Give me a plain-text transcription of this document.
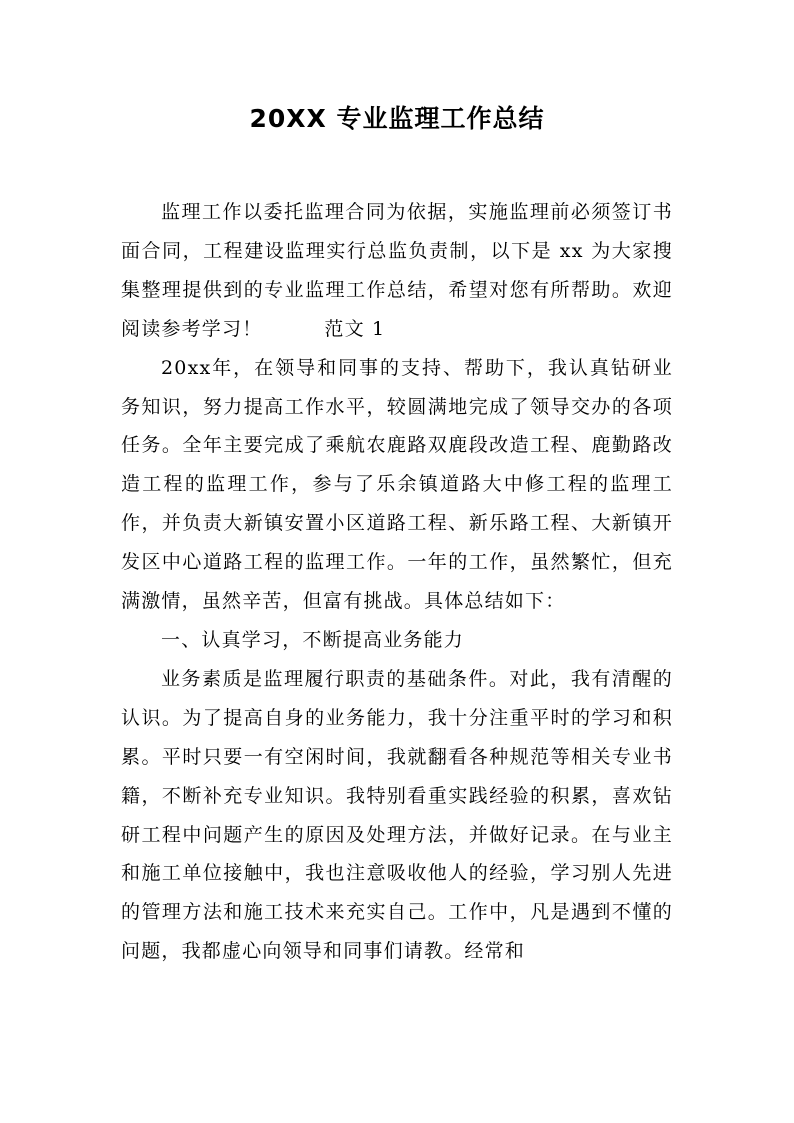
20XX 专业监理工作总结

监理工作以委托监理合同为依据，实施监理前必须签订书面合同，工程建设监理实行总监负责制，以下是 xx 为大家搜集整理提供到的专业监理工作总结，希望对您有所帮助。欢迎阅读参考学习！	范文 1

20xx年，在领导和同事的支持、帮助下，我认真钻研业务知识，努力提高工作水平，较圆满地完成了领导交办的各项任务。全年主要完成了乘航农鹿路双鹿段改造工程、鹿勤路改造工程的监理工作，参与了乐余镇道路大中修工程的监理工作，并负责大新镇安置小区道路工程、新乐路工程、大新镇开发区中心道路工程的监理工作。一年的工作，虽然繁忙，但充满激情，虽然辛苦，但富有挑战。具体总结如下：

一、认真学习，不断提高业务能力

业务素质是监理履行职责的基础条件。对此，我有清醒的认识。为了提高自身的业务能力，我十分注重平时的学习和积累。平时只要一有空闲时间，我就翻看各种规范等相关专业书籍，不断补充专业知识。我特别看重实践经验的积累，喜欢钻研工程中问题产生的原因及处理方法，并做好记录。在与业主和施工单位接触中，我也注意吸收他人的经验，学习别人先进的管理方法和施工技术来充实自己。工作中，凡是遇到不懂的问题，我都虚心向领导和同事们请教。经常和
